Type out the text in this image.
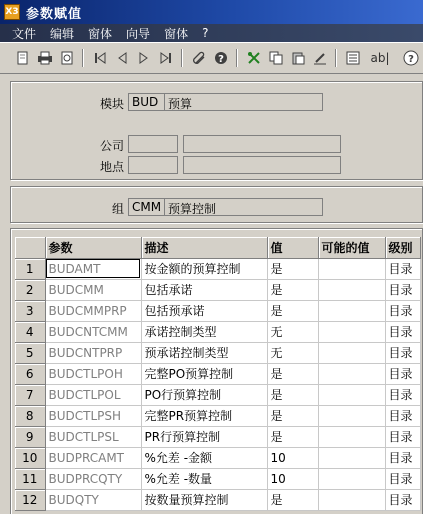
X3 参数赋值
文件 编辑 窗体 向导 窗体 ?
?	ab| ?
模块 BUD 预算
公司
地点
组 CMM 预算控制
	参数	描述	值	可能的值	级别
1	BUDAMT	按金额的预算控制	是		目录
2	BUDCMM	包括承诺	是		目录
3	BUDCMMPRP	包括预承诺	是		目录
4	BUDCNTCMM	承诺控制类型	无		目录
5	BUDCNTPRP	预承诺控制类型	无		目录
6	BUDCTLPOH	完整PO预算控制	是		目录
7	BUDCTLPOL	PO行预算控制	是		目录
8	BUDCTLPSH	完整PR预算控制	是		目录
9	BUDCTLPSL	PR行预算控制	是		目录
10	BUDPRCAMT	%允差 -金额	10		目录
11	BUDPRCQTY	%允差 -数量	10		目录
12	BUDQTY	按数量预算控制	是		目录
